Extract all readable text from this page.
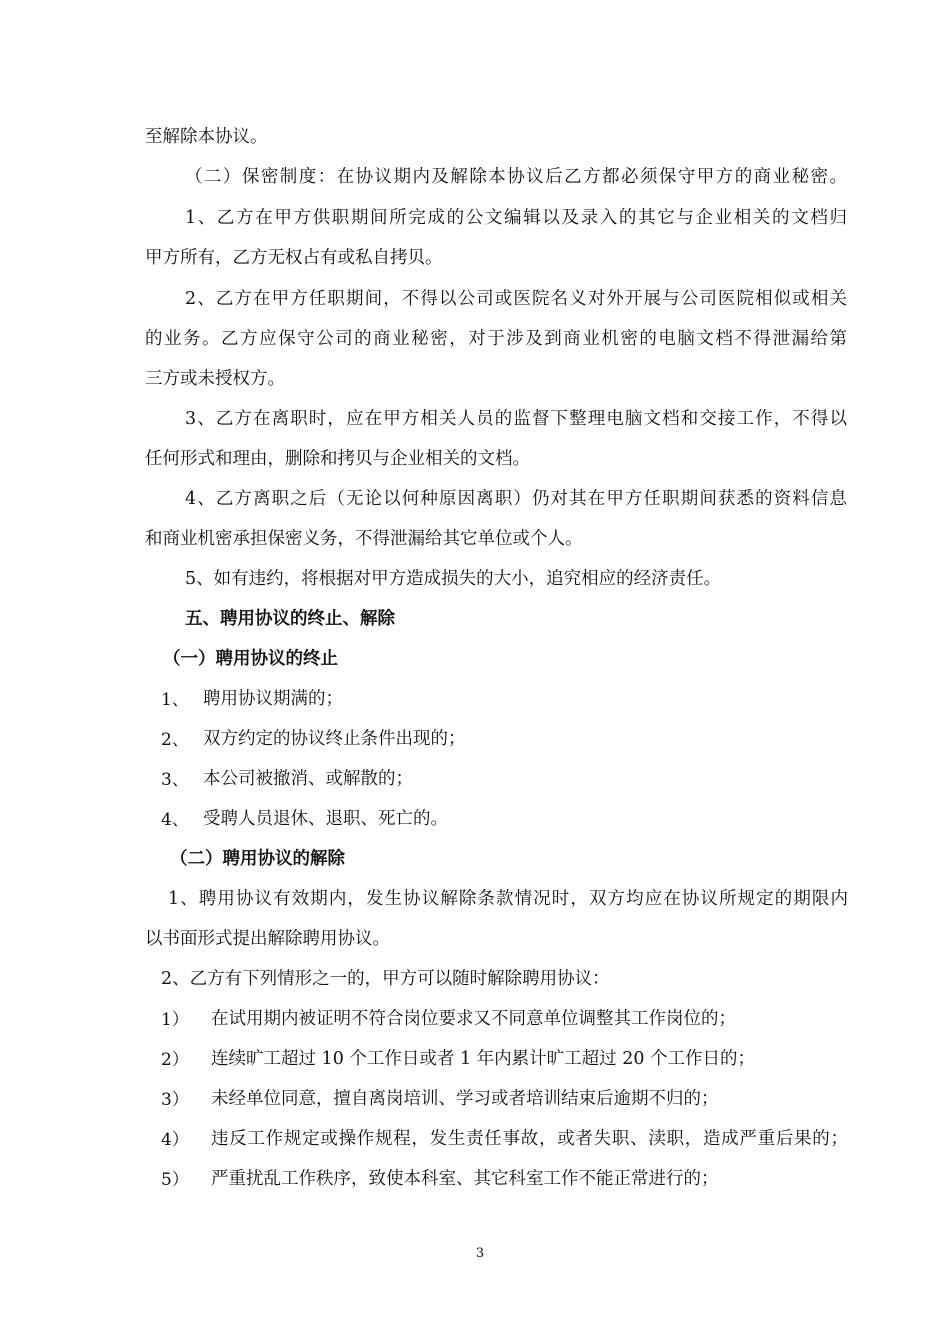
至解除本协议。
（二）保密制度：在协议期内及解除本协议后乙方都必须保守甲方的商业秘密。
1、乙方在甲方供职期间所完成的公文编辑以及录入的其它与企业相关的文档归
甲方所有，乙方无权占有或私自拷贝。
2、乙方在甲方任职期间，不得以公司或医院名义对外开展与公司医院相似或相关
的业务。乙方应保守公司的商业秘密，对于涉及到商业机密的电脑文档不得泄漏给第
三方或未授权方。
3、乙方在离职时，应在甲方相关人员的监督下整理电脑文档和交接工作，不得以
任何形式和理由，删除和拷贝与企业相关的文档。
4、乙方离职之后（无论以何种原因离职）仍对其在甲方任职期间获悉的资料信息
和商业机密承担保密义务，不得泄漏给其它单位或个人。
5、如有违约，将根据对甲方造成损失的大小，追究相应的经济责任。
五、聘用协议的终止、解除
（一）聘用协议的终止
1、 聘用协议期满的；
2、 双方约定的协议终止条件出现的；
3、 本公司被撤消、或解散的；
4、 受聘人员退休、退职、死亡的。
（二）聘用协议的解除
1、聘用协议有效期内，发生协议解除条款情况时，双方均应在协议所规定的期限内
以书面形式提出解除聘用协议。
2、乙方有下列情形之一的，甲方可以随时解除聘用协议：
1） 在试用期内被证明不符合岗位要求又不同意单位调整其工作岗位的；
2） 连续旷工超过 10 个工作日或者 1 年内累计旷工超过 20 个工作日的；
3） 未经单位同意，擅自离岗培训、学习或者培训结束后逾期不归的；
4） 违反工作规定或操作规程，发生责任事故，或者失职、渎职，造成严重后果的；
5） 严重扰乱工作秩序，致使本科室、其它科室工作不能正常进行的；
3
